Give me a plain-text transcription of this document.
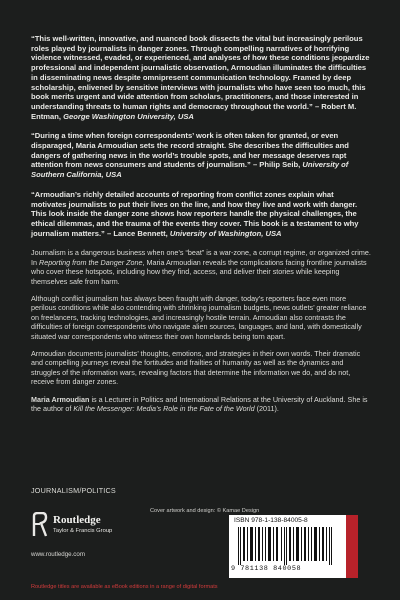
“This well-written, innovative, and nuanced book dissects the vital but increasingly perilous roles played by journalists in danger zones. Through compelling narratives of horrifying violence witnessed, evaded, or experienced, and analyses of how these conditions jeopardize professional and independent journalistic observation, Armoudian illuminates the difficulties in disseminating news despite omnipresent communication technology. Framed by deep scholarship, enlivened by sensitive interviews with journalists who have seen too much, this book merits urgent and wide attention from scholars, practitioners, and those interested in understanding threats to human rights and democracy throughout the world.” – Robert M. Entman, George Washington University, USA

“During a time when foreign correspondents’ work is often taken for granted, or even disparaged, Maria Armoudian sets the record straight. She describes the difficulties and dangers of gathering news in the world’s trouble spots, and her message deserves rapt attention from news consumers and students of journalism.” – Philip Seib, University of Southern California, USA

“Armoudian’s richly detailed accounts of reporting from conflict zones explain what motivates journalists to put their lives on the line, and how they live and work with danger. This look inside the danger zone shows how reporters handle the physical challenges, the ethical dilemmas, and the trauma of the events they cover. This book is a testament to why journalism matters.” – Lance Bennett, University of Washington, USA

Journalism is a dangerous business when one’s “beat” is a war-zone, a corrupt regime, or organized crime. In Reporting from the Danger Zone, Maria Armoudian reveals the complications facing frontline journalists who cover these hotspots, including how they find, access, and deliver their stories while keeping themselves safe from harm.

Although conflict journalism has always been fraught with danger, today’s reporters face even more perilous conditions while also contending with shrinking journalism budgets, news outlets’ greater reliance on freelancers, tracking technologies, and increasingly hostile terrain. Armoudian also contrasts the difficulties of foreign correspondents who navigate alien sources, languages, and land, with domestically situated war correspondents who witness their own homelands being torn apart.

Armoudian documents journalists’ thoughts, emotions, and strategies in their own words. Their dramatic and compelling journeys reveal the fortitudes and frailties of humanity as well as the dynamics and struggles of the information wars, revealing factors that determine the information we do, and do not, receive from danger zones.

Maria Armoudian is a Lecturer in Politics and International Relations at the University of Auckland. She is the author of Kill the Messenger: Media’s Role in the Fate of the World (2011).

JOURNALISM/POLITICS
Cover artwork and design: © Kamae Design
Routledge
Taylor & Francis Group
www.routledge.com
ISBN 978-1-138-84005-8
9 781138 840058	an informa business
Routledge titles are available as eBook editions in a range of digital formats
